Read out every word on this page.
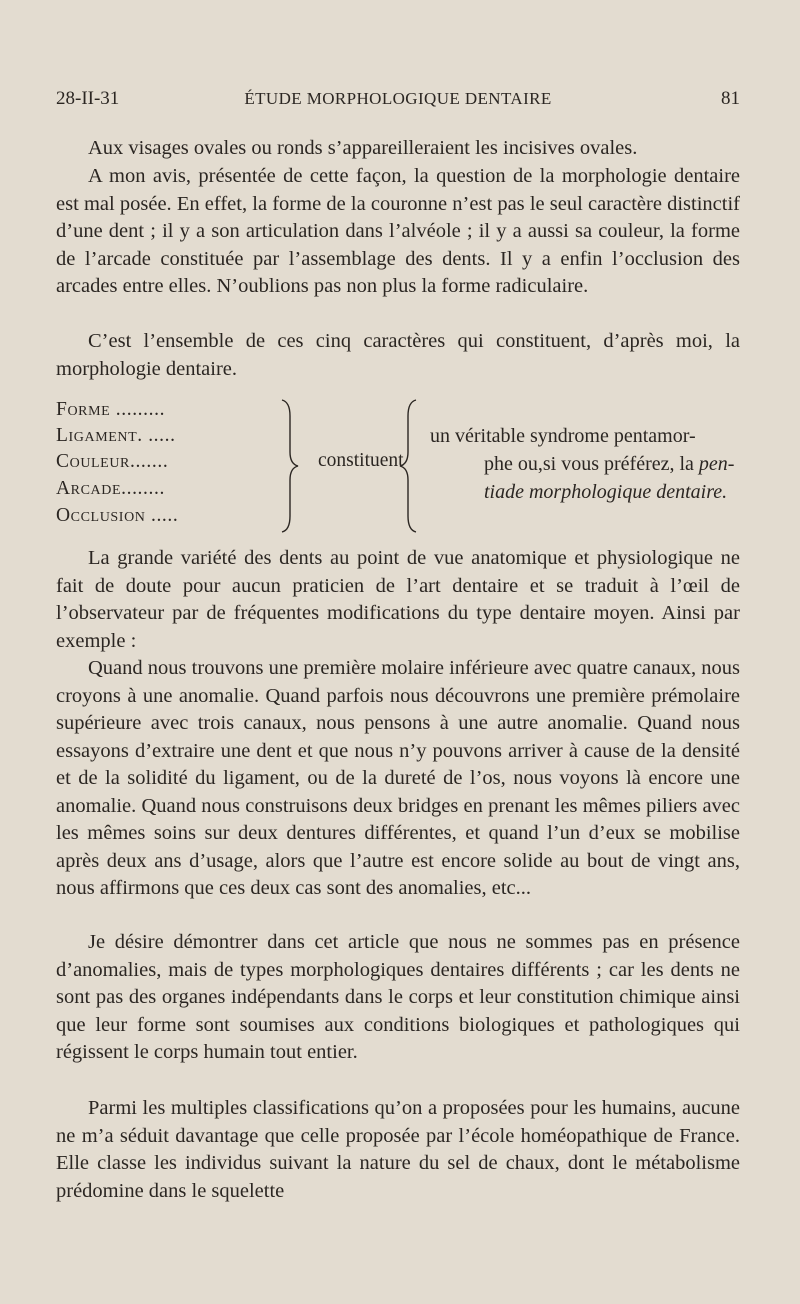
28-II-31	ÉTUDE MORPHOLOGIQUE DENTAIRE	81

Aux visages ovales ou ronds s’appareilleraient les incisives ovales.

A mon avis, présentée de cette façon, la question de la morphologie dentaire est mal posée. En effet, la forme de la couronne n’est pas le seul caractère distinctif d’une dent ; il y a son articulation dans l’alvéole ; il y a aussi sa couleur, la forme de l’arcade constituée par l’assemblage des dents. Il y a enfin l’occlusion des arcades entre elles. N’oublions pas non plus la forme radiculaire.

C’est l’ensemble de ces cinq caractères qui constituent, d’après moi, la morphologie dentaire.

Forme .........
Ligament. .....
Couleur.......
Arcade........
Occlusion .....
constituent
un véritable syndrome pentamor-
phe ou,si vous préférez, la pen-
tiade morphologique dentaire.

La grande variété des dents au point de vue anatomique et physiologique ne fait de doute pour aucun praticien de l’art dentaire et se traduit à l’œil de l’observateur par de fréquentes modifications du type dentaire moyen. Ainsi par exemple :

Quand nous trouvons une première molaire inférieure avec quatre canaux, nous croyons à une anomalie. Quand parfois nous découvrons une première prémolaire supérieure avec trois canaux, nous pensons à une autre anomalie. Quand nous essayons d’extraire une dent et que nous n’y pouvons arriver à cause de la densité et de la solidité du ligament, ou de la dureté de l’os, nous voyons là encore une anomalie. Quand nous construisons deux bridges en prenant les mêmes piliers avec les mêmes soins sur deux dentures différentes, et quand l’un d’eux se mobilise après deux ans d’usage, alors que l’autre est encore solide au bout de vingt ans, nous affirmons que ces deux cas sont des anomalies, etc...

Je désire démontrer dans cet article que nous ne sommes pas en présence d’anomalies, mais de types morphologiques dentaires différents ; car les dents ne sont pas des organes indépendants dans le corps et leur constitution chimique ainsi que leur forme sont soumises aux conditions biologiques et pathologiques qui régissent le corps humain tout entier.

Parmi les multiples classifications qu’on a proposées pour les humains, aucune ne m’a séduit davantage que celle proposée par l’école homéopathique de France. Elle classe les individus suivant la nature du sel de chaux, dont le métabolisme prédomine dans le squelette
